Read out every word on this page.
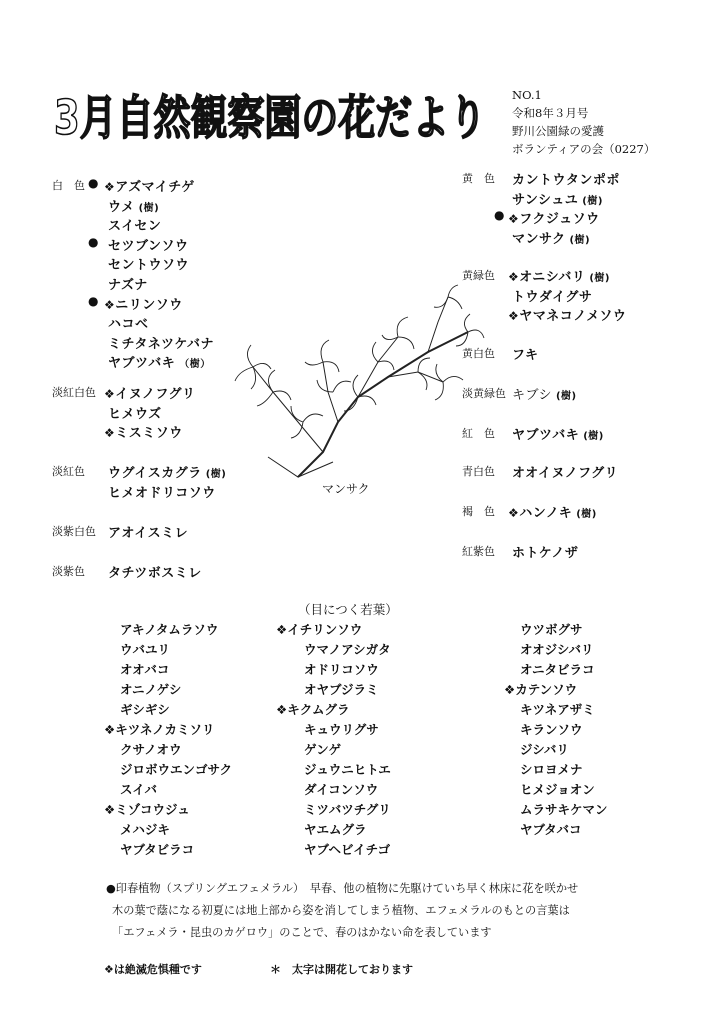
3月自然観察園の花だより NO.1
令和8年３月号
野川公園緑の愛護
ボランティアの会（0227）
白　色 ● ❖アズマイチゲ
ウメ (樹)
スイセン
● セツブンソウ
セントウソウ
ナズナ
● ❖ニリンソウ
ハコベ
ミチタネツケバナ
ヤブツバキ （樹）
淡紅白色 ❖イヌノフグリ
ヒメウズ
❖ミスミソウ
淡紅色 ウグイスカグラ (樹)
ヒメオドリコソウ
淡紫白色 アオイスミレ
淡紫色 タチツボスミレ
黄　色 カントウタンポポ
サンシュユ (樹)
● ❖フクジュソウ
マンサク (樹)
黄緑色 ❖オニシバリ (樹)
トウダイグサ
❖ヤマネコノメソウ
黄白色 フキ
淡黄緑色 キブシ (樹)
紅　色 ヤブツバキ (樹)
青白色 オオイヌノフグリ
褐　色 ❖ハンノキ (樹)
紅紫色 ホトケノザ
マンサク
（目につく若葉）
アキノタムラソウ
ウバユリ
オオバコ
オニノゲシ
ギシギシ
❖キツネノカミソリ
クサノオウ
ジロボウエンゴサク
スイバ
❖ミゾコウジュ
メハジキ
ヤブタビラコ
❖イチリンソウ
ウマノアシガタ
オドリコソウ
オヤブジラミ
❖キクムグラ
キュウリグサ
ゲンゲ
ジュウニヒトエ
ダイコンソウ
ミツバツチグリ
ヤエムグラ
ヤブヘビイチゴ
ウツボグサ
オオジシバリ
オニタビラコ
❖カテンソウ
キツネアザミ
キランソウ
ジシバリ
シロヨメナ
ヒメジョオン
ムラサキケマン
ヤブタバコ
●印春植物（スプリングエフェメラル）　早春、他の植物に先駆けていち早く林床に花を咲かせ
木の葉で蔭になる初夏には地上部から姿を消してしまう植物、エフェメラルのもとの言葉は
「エフェメラ・昆虫のカゲロウ」のことで、春のはかない命を表しています
❖は絶滅危惧種です	＊　太字は開花しております
